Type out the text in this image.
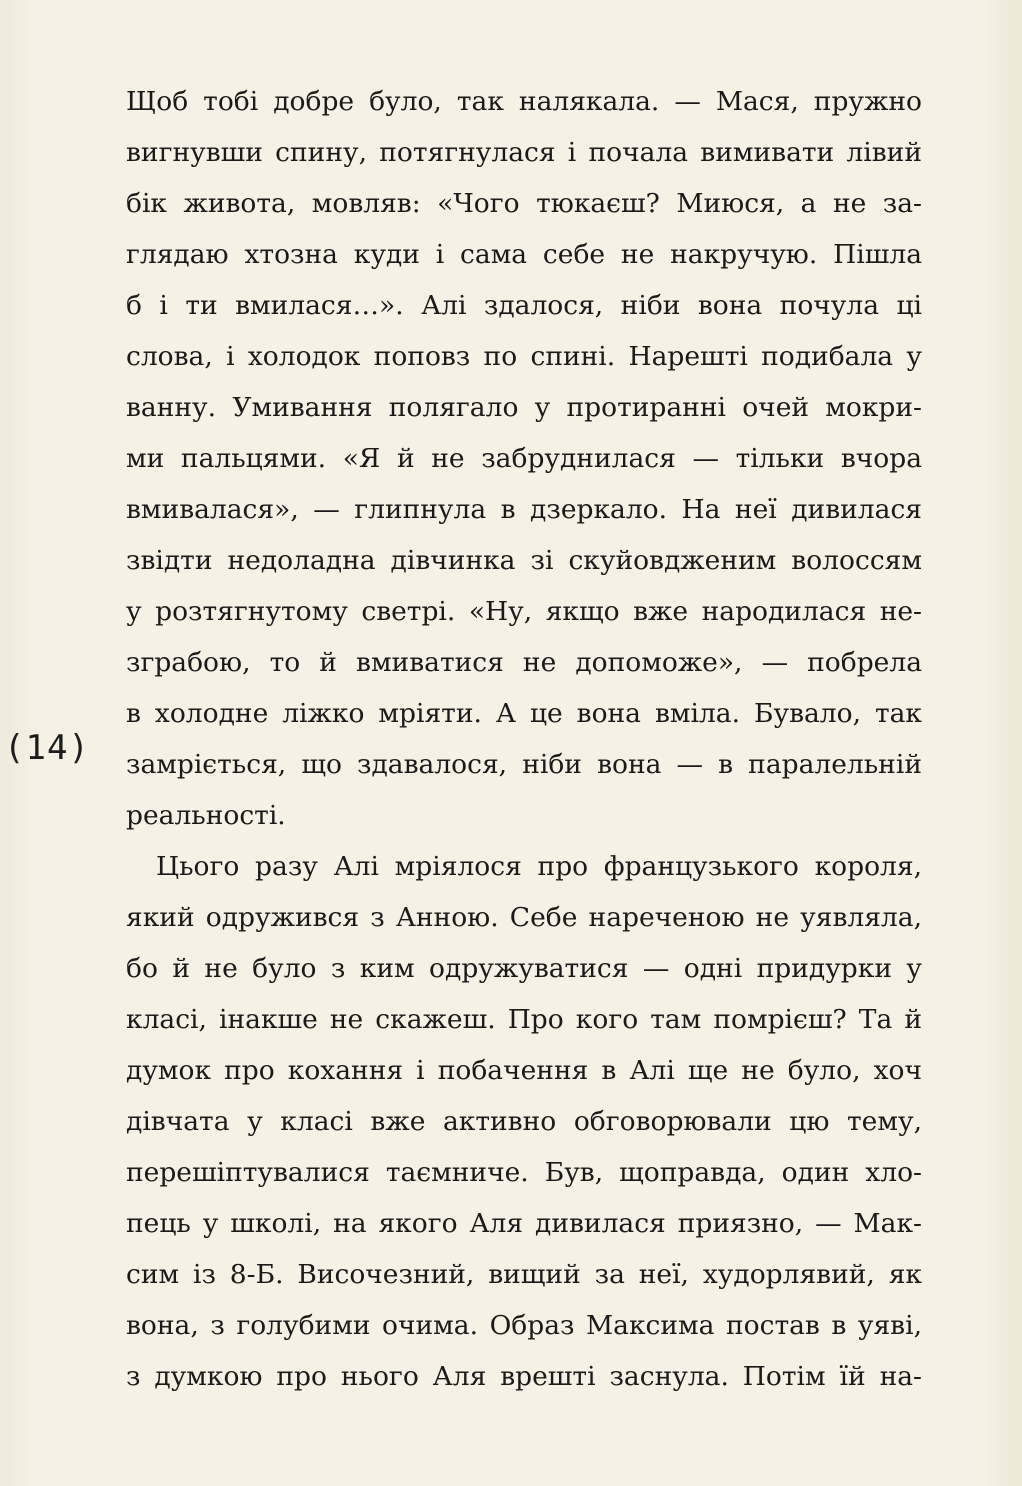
(14)
Щоб тобі добре було, так налякала. — Мася, пружно
вигнувши спину, потягнулася і почала вимивати лівий
бік живота, мовляв: «Чого тюкаєш? Миюся, а не за-
глядаю хтозна куди і сама себе не накручую. Пішла
б і ти вмилася…». Алі здалося, ніби вона почула ці
слова, і холодок поповз по спині. Нарешті подибала у
ванну. Умивання полягало у протиранні очей мокри-
ми пальцями. «Я й не забруднилася — тільки вчора
вмивалася», — глипнула в дзеркало. На неї дивилася
звідти недоладна дівчинка зі скуйовдженим волоссям
у розтягнутому светрі. «Ну, якщо вже народилася не-
зграбою, то й вмиватися не допоможе», — побрела
в холодне ліжко мріяти. А це вона вміла. Бувало, так
замріється, що здавалося, ніби вона — в паралельній
реальності.
Цього разу Алі мріялося про французького короля,
який одружився з Анною. Себе нареченою не уявляла,
бо й не було з ким одружуватися — одні придурки у
класі, інакше не скажеш. Про кого там помрієш? Та й
думок про кохання і побачення в Алі ще не було, хоч
дівчата у класі вже активно обговорювали цю тему,
перешіптувалися таємниче. Був, щоправда, один хло-
пець у школі, на якого Аля дивилася приязно, — Мак-
сим із 8-Б. Височезний, вищий за неї, худорлявий, як
вона, з голубими очима. Образ Максима постав в уяві,
з думкою про нього Аля врешті заснула. Потім їй на-
